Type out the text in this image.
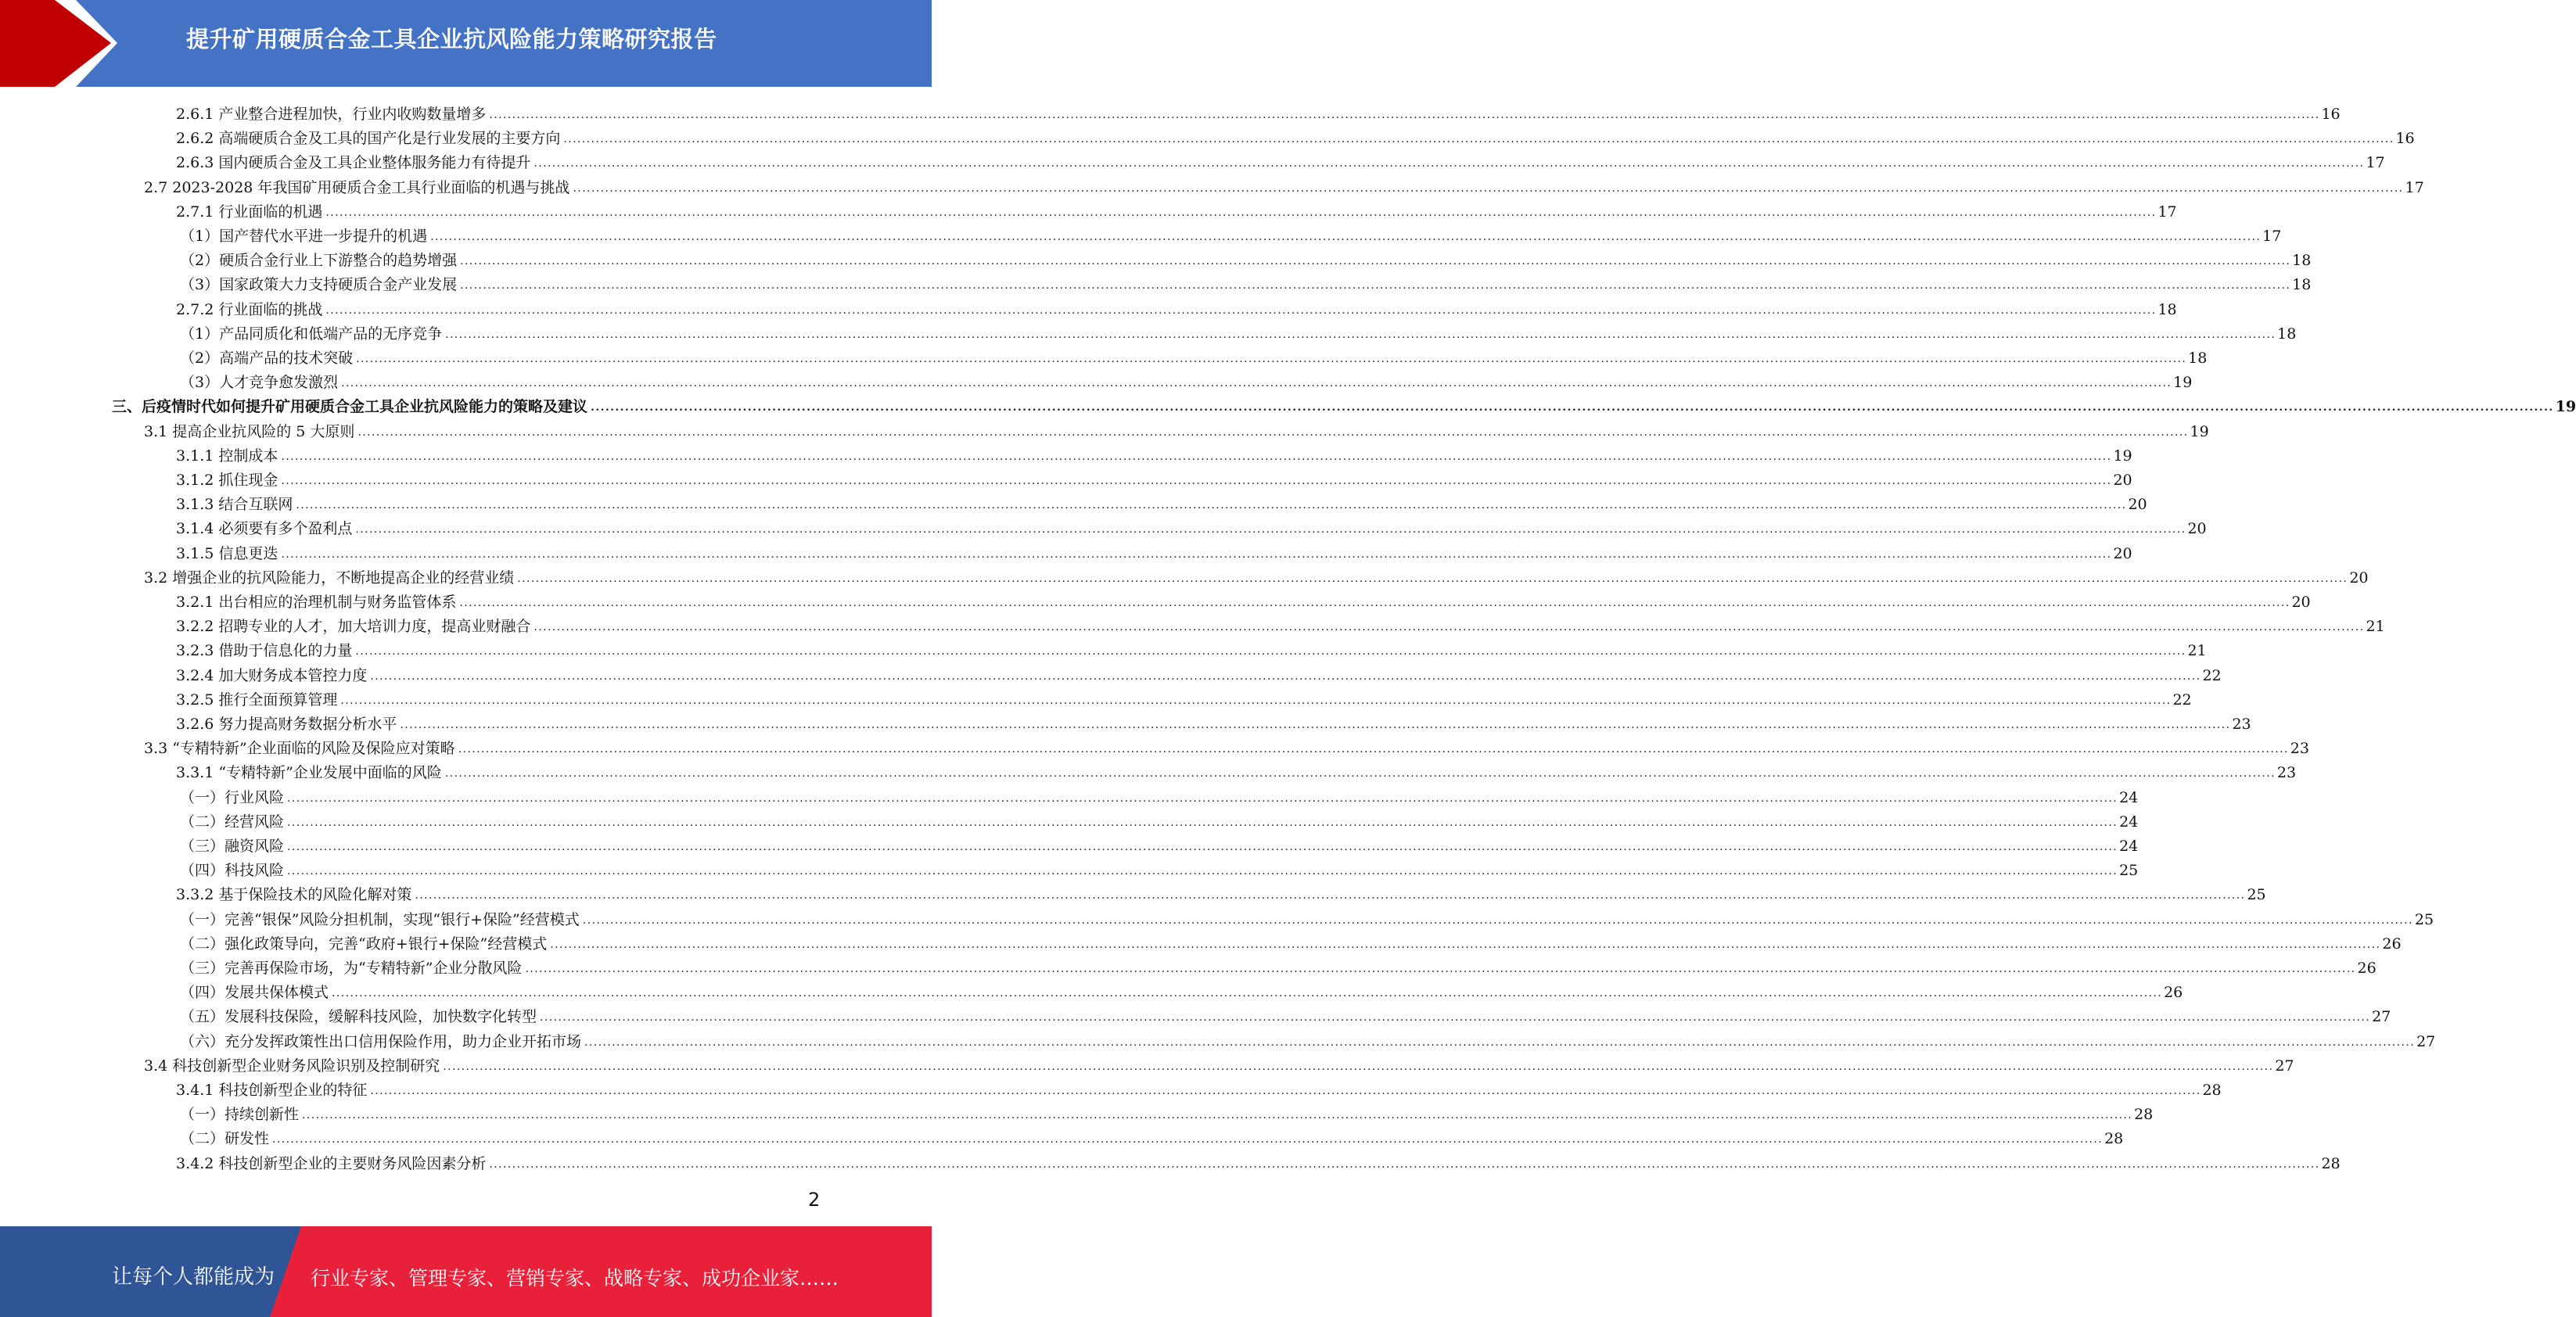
提升矿用硬质合金工具企业抗风险能力策略研究报告
2.6.1 产业整合进程加快，行业内收购数量增多 ................................................................................................................................................................................................................................................................................................................................................................................................................ 16
2.6.2 高端硬质合金及工具的国产化是行业发展的主要方向 ................................................................................................................................................................................................................................................................................................................................................................................................................ 16
2.6.3 国内硬质合金及工具企业整体服务能力有待提升 ................................................................................................................................................................................................................................................................................................................................................................................................................ 17
2.7 2023-2028 年我国矿用硬质合金工具行业面临的机遇与挑战 ................................................................................................................................................................................................................................................................................................................................................................................................................ 17
2.7.1 行业面临的机遇 ................................................................................................................................................................................................................................................................................................................................................................................................................ 17
（1）国产替代水平进一步提升的机遇 ................................................................................................................................................................................................................................................................................................................................................................................................................ 17
（2）硬质合金行业上下游整合的趋势增强 ................................................................................................................................................................................................................................................................................................................................................................................................................ 18
（3）国家政策大力支持硬质合金产业发展 ................................................................................................................................................................................................................................................................................................................................................................................................................ 18
2.7.2 行业面临的挑战 ................................................................................................................................................................................................................................................................................................................................................................................................................ 18
（1）产品同质化和低端产品的无序竞争 ................................................................................................................................................................................................................................................................................................................................................................................................................ 18
（2）高端产品的技术突破 ................................................................................................................................................................................................................................................................................................................................................................................................................ 18
（3）人才竞争愈发激烈 ................................................................................................................................................................................................................................................................................................................................................................................................................ 19
三、后疫情时代如何提升矿用硬质合金工具企业抗风险能力的策略及建议 ................................................................................................................................................................................................................................................................................................................................................................................................................ 19
3.1 提高企业抗风险的 5 大原则 ................................................................................................................................................................................................................................................................................................................................................................................................................ 19
3.1.1 控制成本 ................................................................................................................................................................................................................................................................................................................................................................................................................ 19
3.1.2 抓住现金 ................................................................................................................................................................................................................................................................................................................................................................................................................ 20
3.1.3 结合互联网 ................................................................................................................................................................................................................................................................................................................................................................................................................ 20
3.1.4 必须要有多个盈利点 ................................................................................................................................................................................................................................................................................................................................................................................................................ 20
3.1.5 信息更迭 ................................................................................................................................................................................................................................................................................................................................................................................................................ 20
3.2 增强企业的抗风险能力，不断地提高企业的经营业绩 ................................................................................................................................................................................................................................................................................................................................................................................................................ 20
3.2.1 出台相应的治理机制与财务监管体系 ................................................................................................................................................................................................................................................................................................................................................................................................................ 20
3.2.2 招聘专业的人才，加大培训力度，提高业财融合 ................................................................................................................................................................................................................................................................................................................................................................................................................ 21
3.2.3 借助于信息化的力量 ................................................................................................................................................................................................................................................................................................................................................................................................................ 21
3.2.4 加大财务成本管控力度 ................................................................................................................................................................................................................................................................................................................................................................................................................ 22
3.2.5 推行全面预算管理 ................................................................................................................................................................................................................................................................................................................................................................................................................ 22
3.2.6 努力提高财务数据分析水平 ................................................................................................................................................................................................................................................................................................................................................................................................................ 23
3.3 “专精特新”企业面临的风险及保险应对策略 ................................................................................................................................................................................................................................................................................................................................................................................................................ 23
3.3.1 “专精特新”企业发展中面临的风险 ................................................................................................................................................................................................................................................................................................................................................................................................................ 23
（一）行业风险 ................................................................................................................................................................................................................................................................................................................................................................................................................ 24
（二）经营风险 ................................................................................................................................................................................................................................................................................................................................................................................................................ 24
（三）融资风险 ................................................................................................................................................................................................................................................................................................................................................................................................................ 24
（四）科技风险 ................................................................................................................................................................................................................................................................................................................................................................................................................ 25
3.3.2 基于保险技术的风险化解对策 ................................................................................................................................................................................................................................................................................................................................................................................................................ 25
（一）完善“银保”风险分担机制，实现“银行+保险”经营模式 ................................................................................................................................................................................................................................................................................................................................................................................................................ 25
（二）强化政策导向，完善“政府+银行+保险”经营模式 ................................................................................................................................................................................................................................................................................................................................................................................................................ 26
（三）完善再保险市场，为“专精特新”企业分散风险 ................................................................................................................................................................................................................................................................................................................................................................................................................ 26
（四）发展共保体模式 ................................................................................................................................................................................................................................................................................................................................................................................................................ 26
（五）发展科技保险，缓解科技风险，加快数字化转型 ................................................................................................................................................................................................................................................................................................................................................................................................................ 27
（六）充分发挥政策性出口信用保险作用，助力企业开拓市场 ................................................................................................................................................................................................................................................................................................................................................................................................................ 27
3.4 科技创新型企业财务风险识别及控制研究 ................................................................................................................................................................................................................................................................................................................................................................................................................ 27
3.4.1 科技创新型企业的特征 ................................................................................................................................................................................................................................................................................................................................................................................................................ 28
（一）持续创新性 ................................................................................................................................................................................................................................................................................................................................................................................................................ 28
（二）研发性 ................................................................................................................................................................................................................................................................................................................................................................................................................ 28
3.4.2 科技创新型企业的主要财务风险因素分析 ................................................................................................................................................................................................................................................................................................................................................................................................................ 28
2
让每个人都能成为 行业专家、管理专家、营销专家、战略专家、成功企业家……
